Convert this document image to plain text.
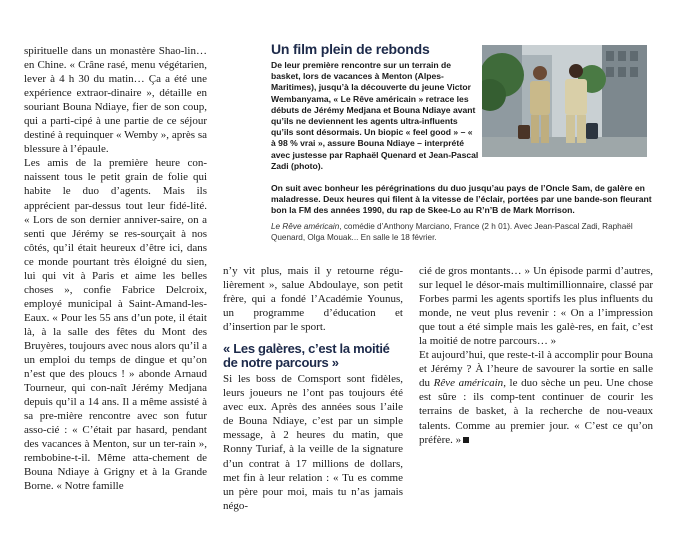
spirituelle dans un monastère Shao-lin… en Chine. « Crâne rasé, menu végétarien, lever à 4 h 30 du matin… Ça a été une expérience extraor-dinaire », détaille en souriant Bouna Ndiaye, fier de son coup, qui a parti-cipé à une partie de ce séjour destiné à requinquer « Wemby », après sa blessure à l’épaule.

Les amis de la première heure con-naissent tous le petit grain de folie qui habite le duo d’agents. Mais ils apprécient par-dessus tout leur fidé-lité. « Lors de son dernier anniver-saire, on a senti que Jérémy se res-sourçait à nos côtés, qu’il était heureux d’être ici, dans ce monde pourtant très éloigné du sien, lui qui vit à Paris et aime les belles choses », confie Fabrice Delcroix, employé municipal à Saint-Amand-les-Eaux. « Pour les 55 ans d’un pote, il était là, à la salle des fêtes du Mont des Bruyères, toujours avec nous alors qu’il a un emploi du temps de dingue et qu’on n’est que des ploucs ! » abonde Arnaud Tourneur, qui con-naît Jérémy Medjana depuis qu’il a 14 ans. Il a même assisté à sa pre-mière rencontre avec son futur asso-cié : « C’était par hasard, pendant des vacances à Menton, sur un ter-rain », rembobine-t-il. Même atta-chement de Bouna Ndiaye à Grigny et à la Grande Borne. « Notre famille

Un film plein de rebonds
De leur première rencontre sur un terrain de basket, lors de vacances à Menton (Alpes-Maritimes), jusqu’à la découverte du jeune Victor Wembanyama, « Le Rêve américain » retrace les débuts de Jérémy Medjana et Bouna Ndiaye avant qu’ils ne deviennent les agents ultra-influents qu’ils sont désormais. Un biopic « feel good » – « à 98 % vrai », assure Bouna Ndiaye – interprété avec justesse par Raphaël Quenard et Jean-Pascal Zadi (photo).
On suit avec bonheur les pérégrinations du duo jusqu’au pays de l’Oncle Sam, de galère en maladresse. Deux heures qui filent à la vitesse de l’éclair, portées par une bande-son fleurant bon la FM des années 1990, du rap de Skee-Lo au R’n’B de Mark Morrison.
Le Rêve américain, comédie d’Anthony Marciano, France (2 h 01). Avec Jean-Pascal Zadi, Raphaël Quenard, Olga Mouak... En salle le 18 février.

n’y vit plus, mais il y retourne régu-lièrement », salue Abdoulaye, son petit frère, qui a fondé l’Académie Younus, un programme d’éducation et d’insertion par le sport.

« Les galères, c’est la moitié de notre parcours »

Si les boss de Comsport sont fidèles, leurs joueurs ne l’ont pas toujours été avec eux. Après des années sous l’aile de Bouna Ndiaye, c’est par un simple message, à 2 heures du matin, que Ronny Turiaf, à la veille de la signature d’un contrat à 17 millions de dollars, met fin à leur relation : « Tu es comme un père pour moi, mais tu n’as jamais négo-

cié de gros montants… » Un épisode parmi d’autres, sur lequel le désor-mais multimillionnaire, classé par Forbes parmi les agents sportifs les plus influents du monde, ne veut plus revenir : « On a l’impression que tout a été simple mais les galè-res, en fait, c’est la moitié de notre parcours… »

Et aujourd’hui, que reste-t-il à accomplir pour Bouna et Jérémy ? À l’heure de savourer la sortie en salle du Rêve américain, le duo sèche un peu. Une chose est sûre : ils comp-tent continuer de courir les terrains de basket, à la recherche de nou-veaux talents. Comme au premier jour. « C’est ce qu’on préfère. »
